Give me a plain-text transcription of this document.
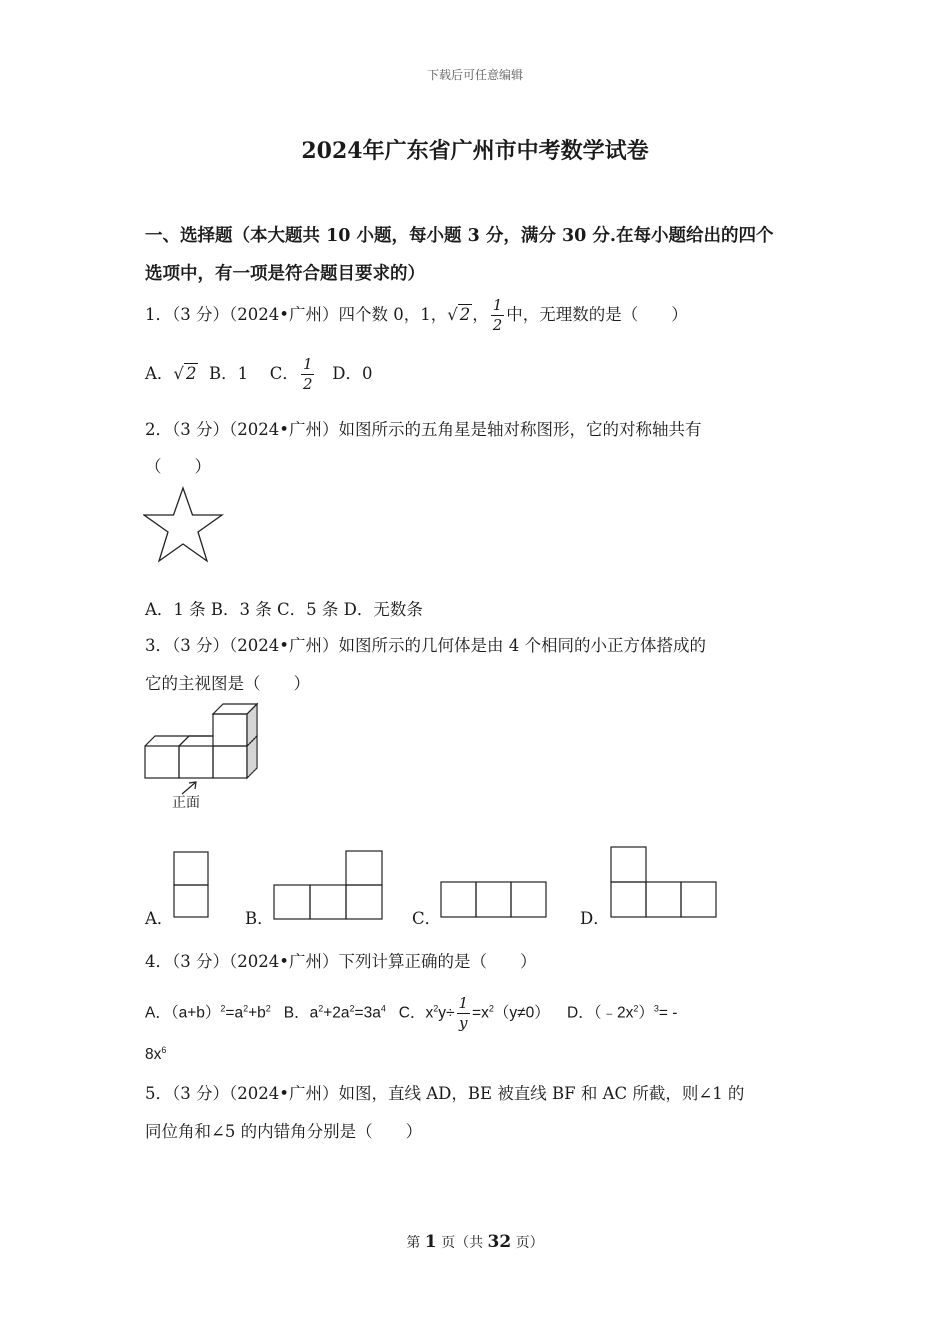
下载后可任意编辑
2024年广东省广州市中考数学试卷
一、选择题（本大题共 10 小题，每小题 3 分，满分 30 分.在每小题给出的四个
选项中，有一项是符合题目要求的）
1．（3 分）（2024•广州）四个数 0，1，√ 2 ， $\frac{1}{2}$ 中，无理数的是（　　）
A．√ 2 B．1　 C． $\frac{1}{2}$ D．0
2．（3 分）（2024•广州）如图所示的五角星是轴对称图形，它的对称轴共有
（　　）
A．1 条 B．3 条 C．5 条 D．无数条
3．（3 分）（2024•广州）如图所示的几何体是由 4 个相同的小正方体搭成的
它的主视图是（　　）
正面
A．	B．	C．	D．
4．（3 分）（2024•广州）下列计算正确的是（　　）
A．$(a+b)^2=a^2+b^2$ B．$a^2+2a^2=3a^4$ C．$x^2y\div \frac{1}{y} =x^2(y\ne 0)$ D．$(﹣2x^2)^3=$ -
$8x^6$
5．（3 分）（2024•广州）如图，直线 AD，BE 被直线 BF 和 AC 所截，则∠1 的
同位角和∠5 的内错角分别是（　　）
第 1 页（共 32 页）
